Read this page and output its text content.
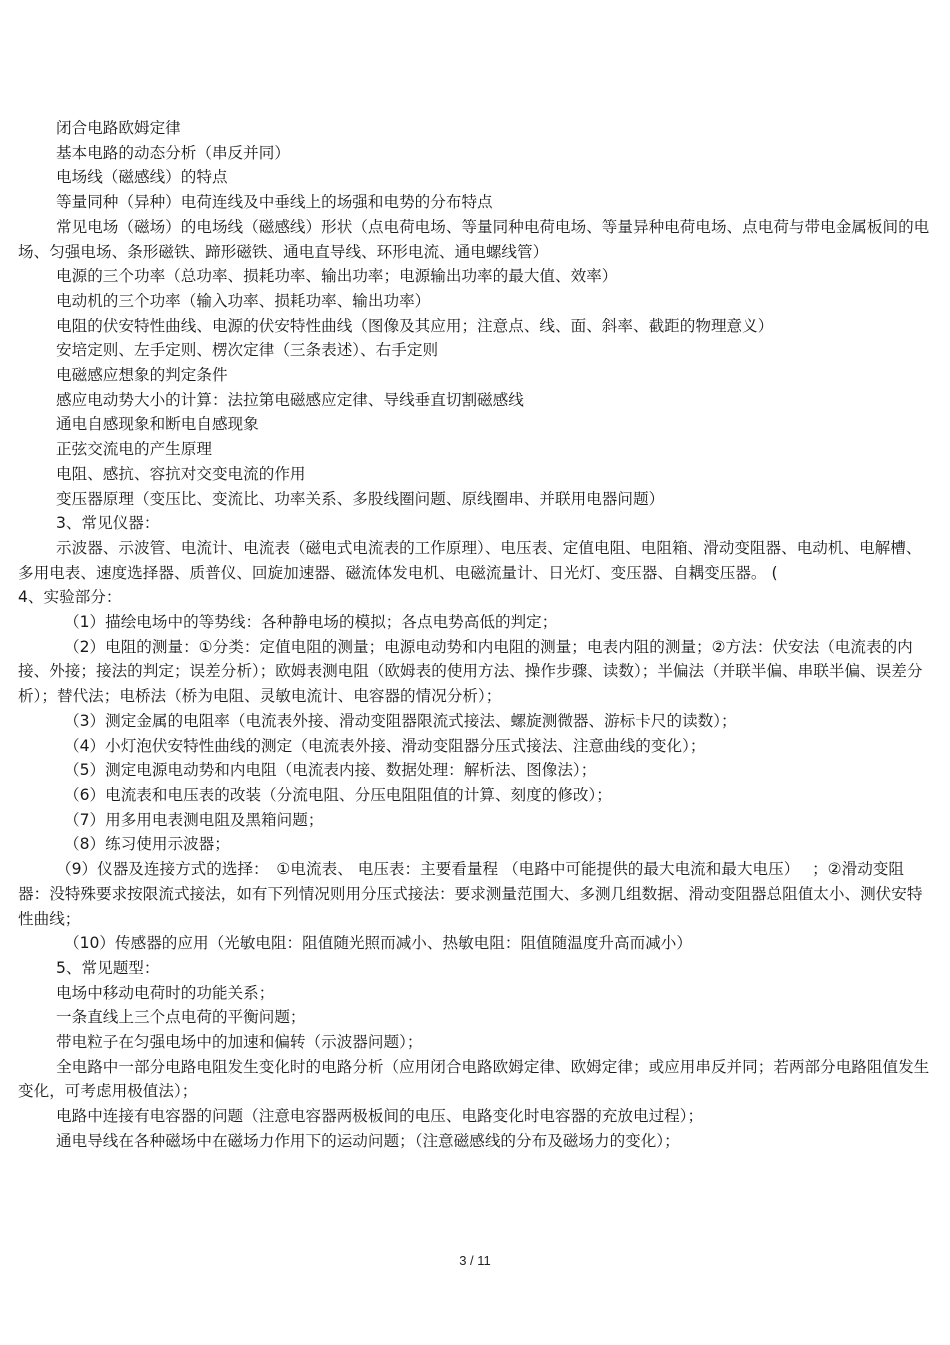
闭合电路欧姆定律

基本电路的动态分析（串反并同）

电场线（磁感线）的特点

等量同种（异种）电荷连线及中垂线上的场强和电势的分布特点

常见电场（磁场）的电场线（磁感线）形状（点电荷电场、等量同种电荷电场、等量异种电荷电场、点电荷与带电金属板间的电场、匀强电场、条形磁铁、蹄形磁铁、通电直导线、环形电流、通电螺线管）

电源的三个功率（总功率、损耗功率、输出功率；电源输出功率的最大值、效率）

电动机的三个功率（输入功率、损耗功率、输出功率）

电阻的伏安特性曲线、电源的伏安特性曲线（图像及其应用；注意点、线、面、斜率、截距的物理意义）

安培定则、左手定则、楞次定律（三条表述）、右手定则

电磁感应想象的判定条件

感应电动势大小的计算：法拉第电磁感应定律、导线垂直切割磁感线

通电自感现象和断电自感现象

正弦交流电的产生原理

电阻、感抗、容抗对交变电流的作用

变压器原理（变压比、变流比、功率关系、多股线圈问题、原线圈串、并联用电器问题）

3、常见仪器：

示波器、示波管、电流计、电流表（磁电式电流表的工作原理）、电压表、定值电阻、电阻箱、滑动变阻器、电动机、电解槽、多用电表、速度选择器、质普仪、回旋加速器、磁流体发电机、电磁流量计、日光灯、变压器、自耦变压器。 (

4、实验部分：

（1）描绘电场中的等势线：各种静电场的模拟；各点电势高低的判定；

（2）电阻的测量：①分类：定值电阻的测量；电源电动势和内电阻的测量；电表内阻的测量；②方法：伏安法（电流表的内接、外接；接法的判定；误差分析）；欧姆表测电阻（欧姆表的使用方法、操作步骤、读数）；半偏法（并联半偏、串联半偏、误差分析）；替代法；电桥法（桥为电阻、灵敏电流计、电容器的情况分析）；

（3）测定金属的电阻率（电流表外接、滑动变阻器限流式接法、螺旋测微器、游标卡尺的读数）；

（4）小灯泡伏安特性曲线的测定（电流表外接、滑动变阻器分压式接法、注意曲线的变化）；

（5）测定电源电动势和内电阻（电流表内接、数据处理：解析法、图像法）；

（6）电流表和电压表的改装（分流电阻、分压电阻阻值的计算、刻度的修改）；

（7）用多用电表测电阻及黑箱问题；

（8）练习使用示波器；

（9）仪器及连接方式的选择：　①电流表、 电压表：主要看量程 （电路中可能提供的最大电流和最大电压）　 ；②滑动变阻器：没特殊要求按限流式接法，如有下列情况则用分压式接法：要求测量范围大、多测几组数据、滑动变阻器总阻值太小、测伏安特性曲线；

（10）传感器的应用（光敏电阻：阻值随光照而减小、热敏电阻：阻值随温度升高而减小）

5、常见题型：

电场中移动电荷时的功能关系；

一条直线上三个点电荷的平衡问题；

带电粒子在匀强电场中的加速和偏转（示波器问题）；

全电路中一部分电路电阻发生变化时的电路分析（应用闭合电路欧姆定律、欧姆定律；或应用串反并同；若两部分电路阻值发生变化，可考虑用极值法）；

电路中连接有电容器的问题（注意电容器两极板间的电压、电路变化时电容器的充放电过程）；

通电导线在各种磁场中在磁场力作用下的运动问题；（注意磁感线的分布及磁场力的变化）；

3 / 11
